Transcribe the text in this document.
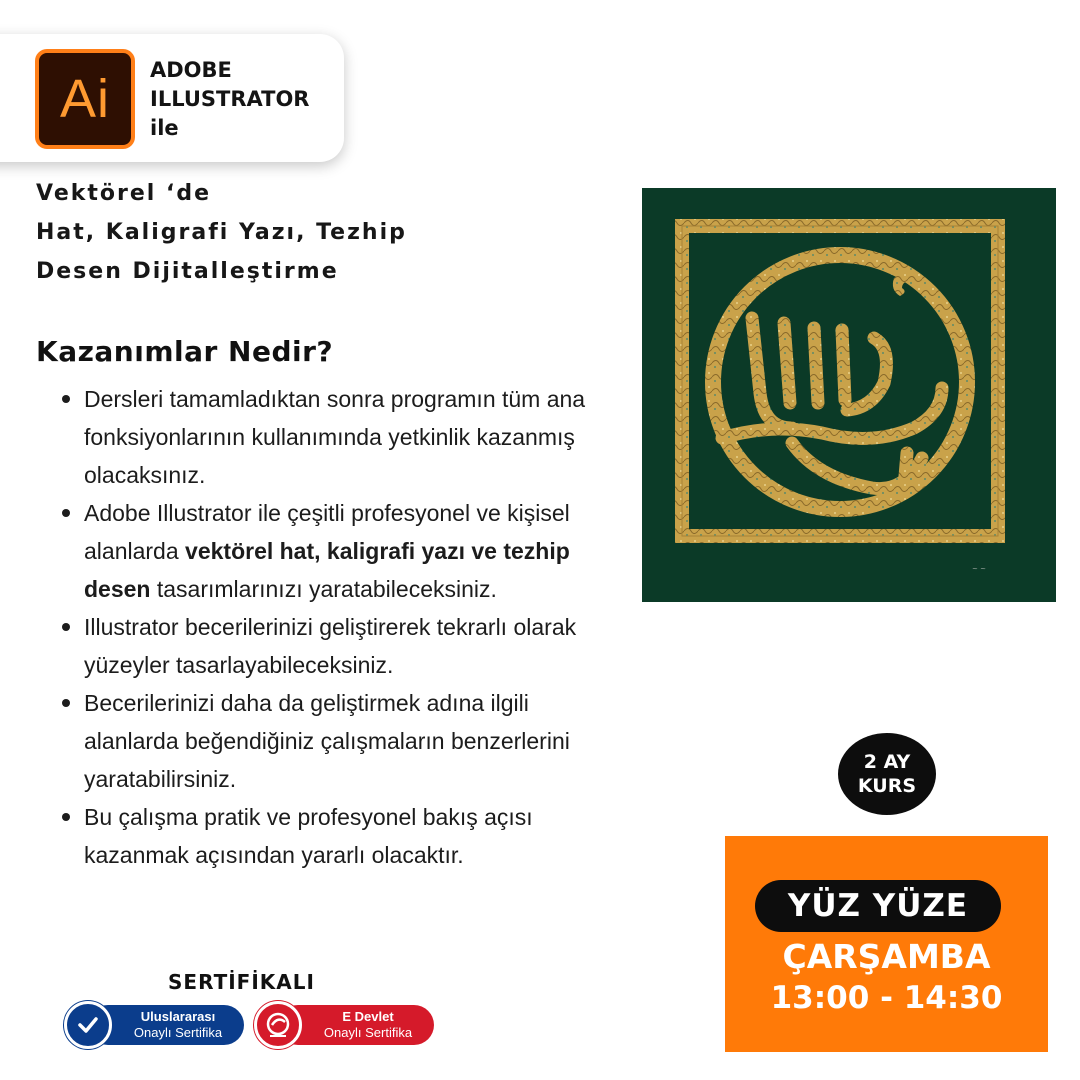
Ai	ADOBE
ILLUSTRATOR
ile
Vektörel ‘de
Hat, Kaligrafi Yazı, Tezhip
Desen Dijitalleştirme
Kazanımlar Nedir?
Dersleri tamamladıktan sonra programın tüm ana fonksiyonlarının kullanımında yetkinlik kazanmış olacaksınız.
Adobe Illustrator ile çeşitli profesyonel ve kişisel alanlarda vektörel hat, kaligrafi yazı ve tezhip desen tasarımlarınızı yaratabileceksiniz.
Illustrator becerilerinizi geliştirerek tekrarlı olarak yüzeyler tasarlayabileceksiniz.
Becerilerinizi daha da geliştirmek adına ilgili alanlarda beğendiğiniz çalışmaların benzerlerini yaratabilirsiniz.
Bu çalışma pratik ve profesyonel bakış açısı kazanmak açısından yararlı olacaktır.
~ ~
2 AY
KURS
YÜZ YÜZE
ÇARŞAMBA
13:00 - 14:30
SERTİFİKALI
Uluslararası
Onaylı Sertifika
E Devlet
Onaylı Sertifika
